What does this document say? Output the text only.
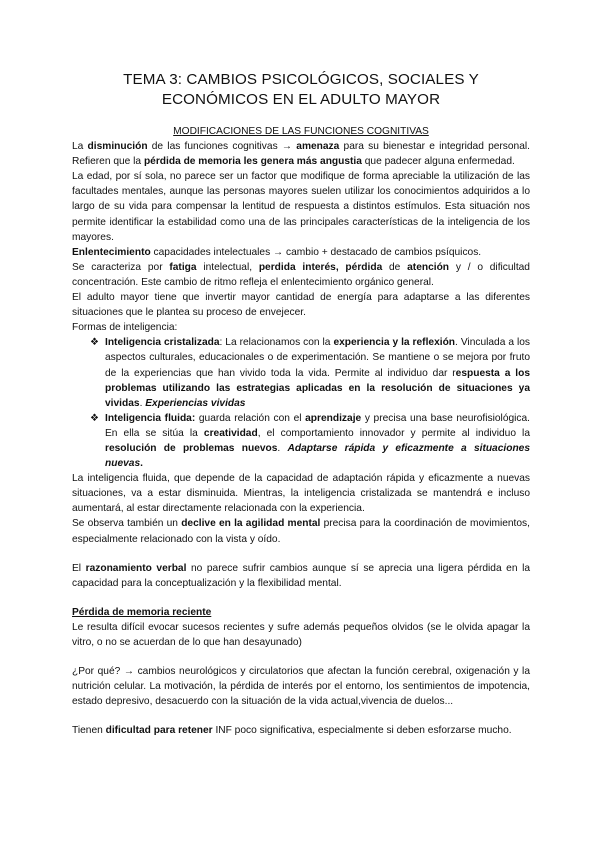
TEMA 3: CAMBIOS PSICOLÓGICOS, SOCIALES Y
ECONÓMICOS EN EL ADULTO MAYOR

MODIFICACIONES DE LAS FUNCIONES COGNITIVAS

La disminución de las funciones cognitivas → amenaza para su bienestar e integridad personal. Refieren que la pérdida de memoria les genera más angustia que padecer alguna enfermedad.

La edad, por sí sola, no parece ser un factor que modifique de forma apreciable la utilización de las facultades mentales, aunque las personas mayores suelen utilizar los conocimientos adquiridos a lo largo de su vida para compensar la lentitud de respuesta a distintos estímulos. Esta situación nos permite identificar la estabilidad como una de las principales características de la inteligencia de los mayores.

Enlentecimiento capacidades intelectuales → cambio + destacado de cambios psíquicos.

Se caracteriza por fatiga intelectual, perdida interés, pérdida de atención y / o dificultad concentración. Este cambio de ritmo refleja el enlentecimiento orgánico general.

El adulto mayor tiene que invertir mayor cantidad de energía para adaptarse a las diferentes situaciones que le plantea su proceso de envejecer.

Formas de inteligencia:

❖ Inteligencia cristalizada: La relacionamos con la experiencia y la reflexión. Vinculada a los aspectos culturales, educacionales o de experimentación. Se mantiene o se mejora por fruto de la experiencias que han vivido toda la vida. Permite al individuo dar respuesta a los problemas utilizando las estrategias aplicadas en la resolución de situaciones ya vividas. Experiencias vividas
❖ Inteligencia fluida: guarda relación con el aprendizaje y precisa una base neurofisiológica. En ella se sitúa la creatividad, el comportamiento innovador y permite al individuo la resolución de problemas nuevos. Adaptarse rápida y eficazmente a situaciones nuevas.

La inteligencia fluida, que depende de la capacidad de adaptación rápida y eficazmente a nuevas situaciones, va a estar disminuida. Mientras, la inteligencia cristalizada se mantendrá e incluso aumentará, al estar directamente relacionada con la experiencia.

Se observa también un declive en la agilidad mental precisa para la coordinación de movimientos, especialmente relacionado con la vista y oído.

El razonamiento verbal no parece sufrir cambios aunque sí se aprecia una ligera pérdida en la capacidad para la conceptualización y la flexibilidad mental.

Pérdida de memoria reciente

Le resulta difícil evocar sucesos recientes y sufre además pequeños olvidos (se le olvida apagar la vitro, o no se acuerdan de lo que han desayunado)

¿Por qué? → cambios neurológicos y circulatorios que afectan la función cerebral, oxigenación y la nutrición celular. La motivación, la pérdida de interés por el entorno, los sentimientos de impotencia, estado depresivo, desacuerdo con la situación de la vida actual,vivencia de duelos...

Tienen dificultad para retener INF poco significativa, especialmente si deben esforzarse mucho.
